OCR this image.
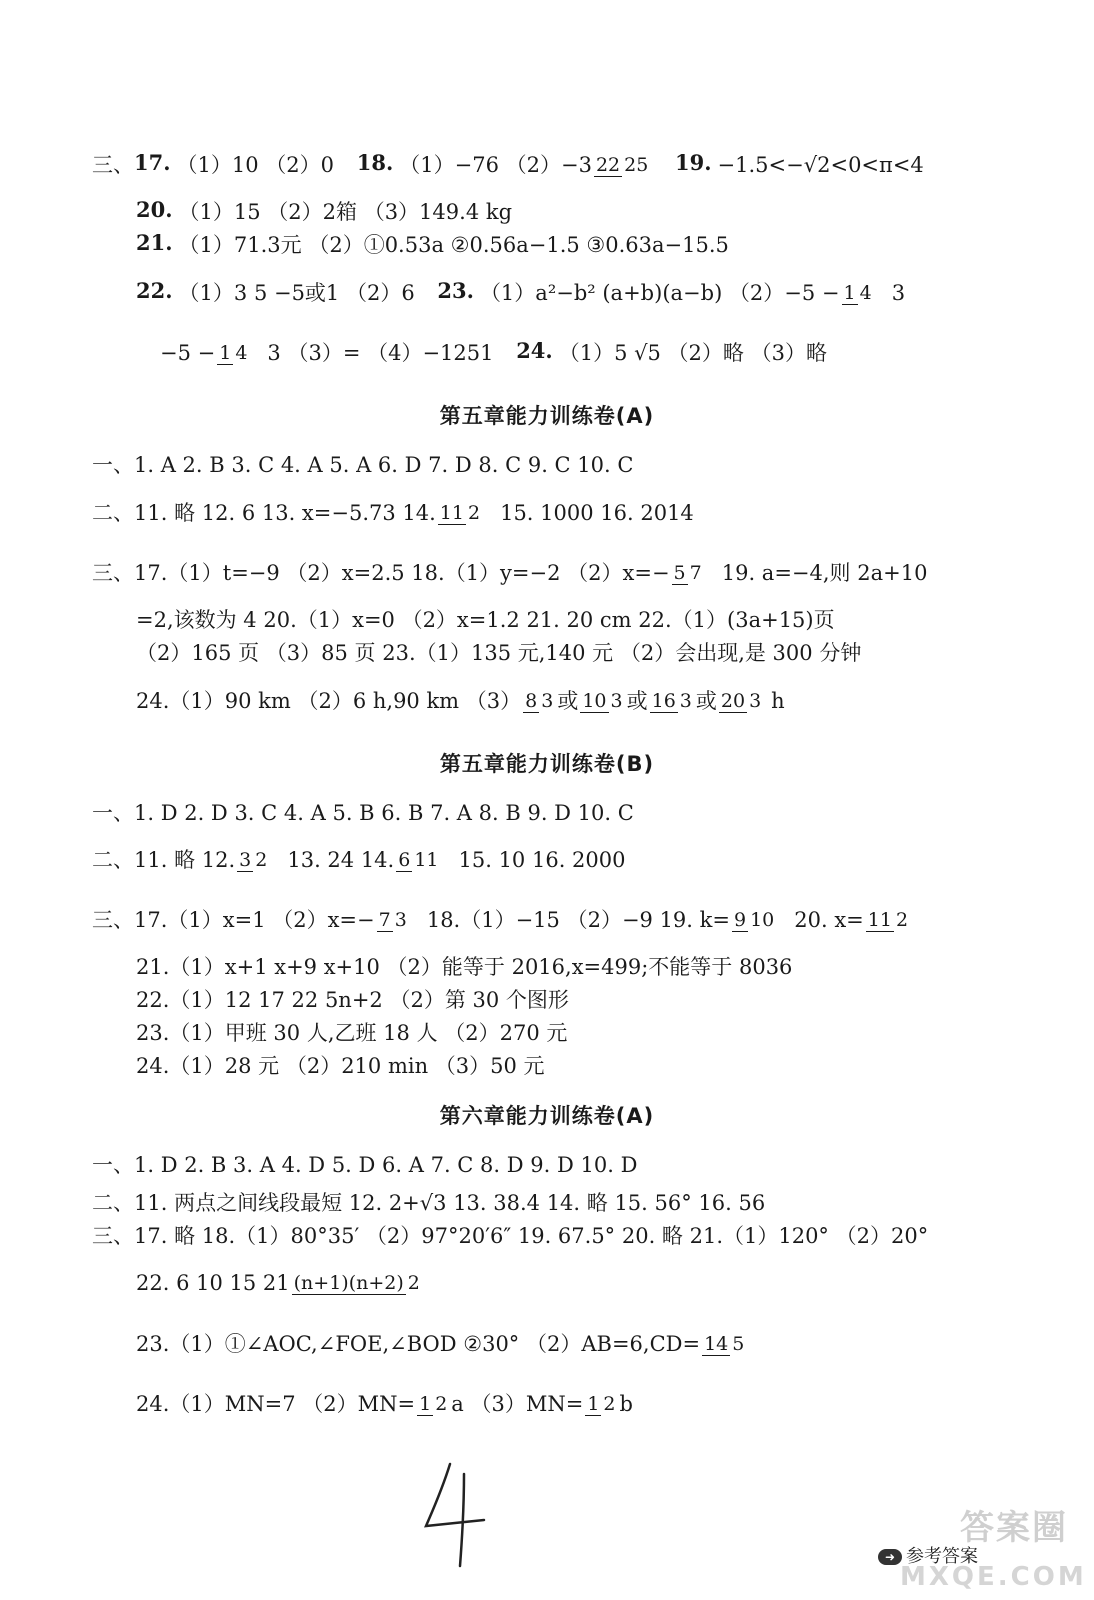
三、17. （1）10 （2）0 18. （1）−76 （2）−3 22 25 19. −1.5<−√2<0<π<4
20. （1）15 （2）2箱 （3）149.4 kg
21. （1）71.3元 （2）①0.53a ②0.56a−1.5 ③0.63a−15.5
22. （1）3 5 −5或1 （2）6 23. （1）a²−b² (a+b)(a−b) （2）−5 − 1 4 3
−5 − 1 4 3 （3）= （4）−1251 24. （1）5 √5 （2）略 （3）略
第五章能力训练卷(A)
一、1. A 2. B 3. C 4. A 5. A 6. D 7. D 8. C 9. C 10. C
二、11. 略 12. 6 13. x=−5.73 14. 11 2 15. 1000 16. 2014
三、17.（1）t=−9 （2）x=2.5 18.（1）y=−2 （2）x=− 5 7 19. a=−4,则 2a+10
=2,该数为 4 20.（1）x=0 （2）x=1.2 21. 20 cm 22.（1）(3a+15)页
（2）165 页 （3）85 页 23.（1）135 元,140 元 （2）会出现,是 300 分钟
24.（1）90 km （2）6 h,90 km （3） 8 3 或 10 3 或 16 3 或 20 3 h
第五章能力训练卷(B)
一、1. D 2. D 3. C 4. A 5. B 6. B 7. A 8. B 9. D 10. C
二、11. 略 12. 3 2 13. 24 14. 6 11 15. 10 16. 2000
三、17.（1）x=1 （2）x=− 7 3 18.（1）−15 （2）−9 19. k= 9 10 20. x= 11 2
21.（1）x+1 x+9 x+10 （2）能等于 2016,x=499;不能等于 8036
22.（1）12 17 22 5n+2 （2）第 30 个图形
23.（1）甲班 30 人,乙班 18 人 （2）270 元
24.（1）28 元 （2）210 min （3）50 元
第六章能力训练卷(A)
一、1. D 2. B 3. A 4. D 5. D 6. A 7. C 8. D 9. D 10. D
二、11. 两点之间线段最短 12. 2+√3 13. 38.4 14. 略 15. 56° 16. 56
三、17. 略 18.（1）80°35′ （2）97°20′6″ 19. 67.5° 20. 略 21.（1）120° （2）20°
22. 6 10 15 21 (n+1)(n+2) 2
23.（1）①∠AOC,∠FOE,∠BOD ②30° （2）AB=6,CD= 14 5
24.（1）MN=7 （2）MN= 1 2 a （3）MN= 1 2 b
答案圈
MXQE.COM
➜ 参考答案
